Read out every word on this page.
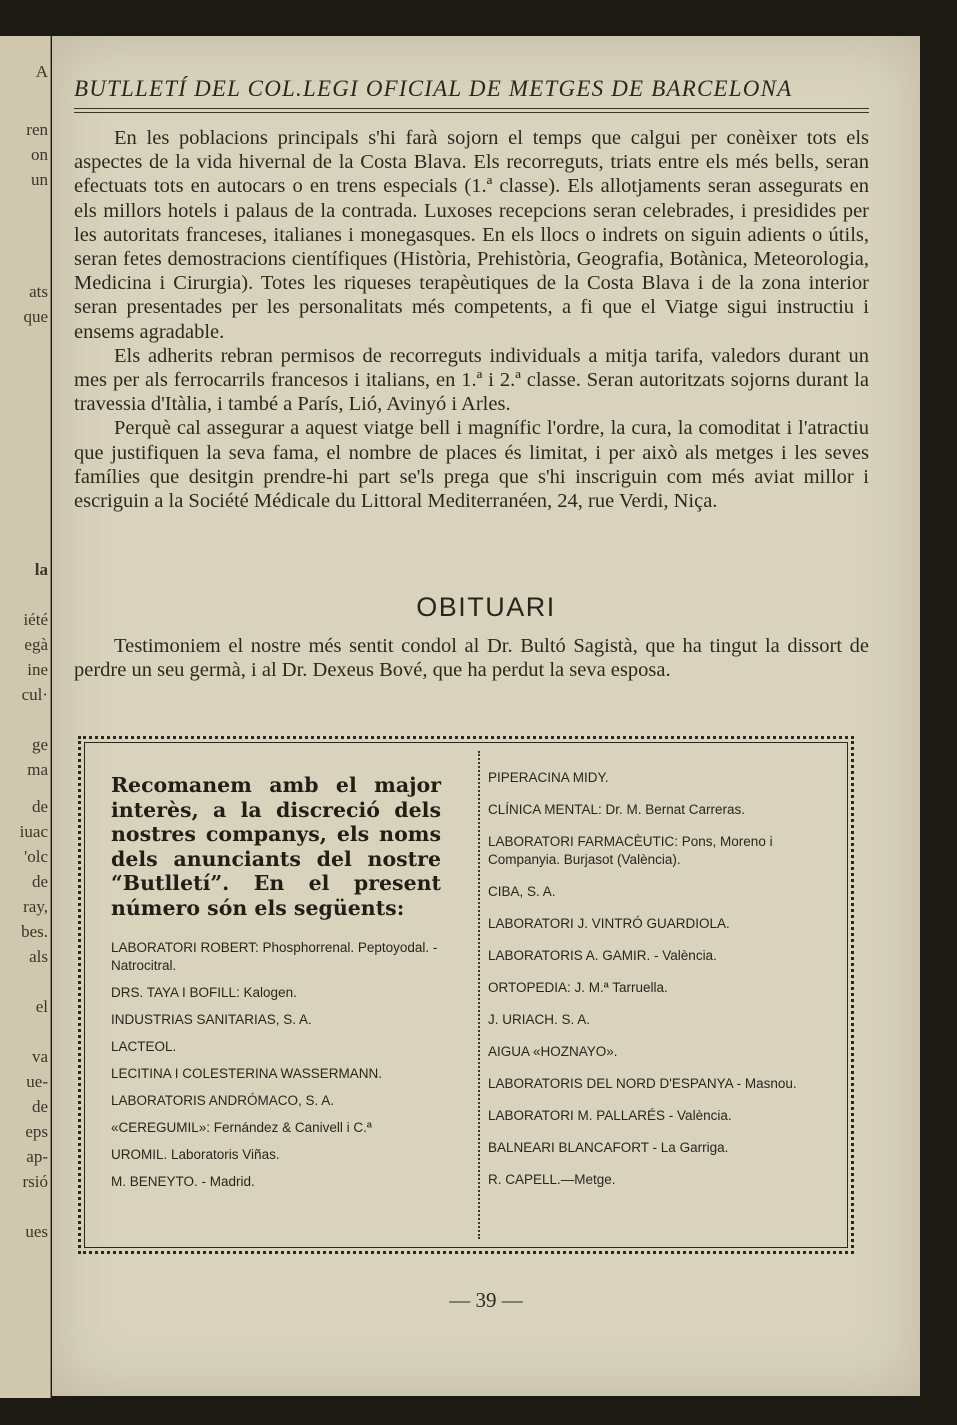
A
ren
on
un
ats
que
la
iété
egà
ine
cul·
ge
ma
de
iuac
'olc
de
ray,
bes.
als
el
va
ue-
de
eps
ap-
rsió
ues
BUTLLETÍ DEL COL.LEGI OFICIAL DE METGES DE BARCELONA

En les poblacions principals s'hi farà sojorn el temps que calgui per conèixer tots els aspectes de la vida hivernal de la Costa Blava. Els recorreguts, triats entre els més bells, seran efectuats tots en autocars o en trens especials (1.ª classe). Els allotjaments seran assegurats en els millors hotels i palaus de la contrada. Luxoses recepcions seran celebrades, i presidides per les autoritats franceses, italianes i monegasques. En els llocs o indrets on siguin adients o útils, seran fetes demostracions científiques (Història, Prehistòria, Geografia, Botànica, Meteorologia, Medicina i Cirurgia). Totes les riqueses terapèutiques de la Costa Blava i de la zona interior seran presentades per les personalitats més competents, a fi que el Viatge sigui instructiu i ensems agradable.

Els adherits rebran permisos de recorreguts individuals a mitja tarifa, valedors durant un mes per als ferrocarrils francesos i italians, en 1.ª i 2.ª classe. Seran autoritzats sojorns durant la travessia d'Itàlia, i també a París, Lió, Avinyó i Arles.

Perquè cal assegurar a aquest viatge bell i magnífic l'ordre, la cura, la comoditat i l'atractiu que justifiquen la seva fama, el nombre de places és limitat, i per això als metges i les seves famílies que desitgin prendre-hi part se'ls prega que s'hi inscriguin com més aviat millor i escriguin a la Société Médicale du Littoral Mediterranéen, 24, rue Verdi, Niça.

OBITUARI

Testimoniem el nostre més sentit condol al Dr. Bultó Sagistà, que ha tingut la dissort de perdre un seu germà, i al Dr. Dexeus Bové, que ha perdut la seva esposa.

Recomanem amb el major interès, a la discreció dels nostres companys, els noms dels anunciants del nostre “Butlletí”. En el present número són els següents:
LABORATORI ROBERT: Phosphorrenal. Peptoyodal. - Natrocitral.
DRS. TAYA I BOFILL: Kalogen.
INDUSTRIAS SANITARIAS, S. A.
LACTEOL.
LECITINA I COLESTERINA WASSERMANN.
LABORATORIS ANDRÓMACO, S. A.
«CEREGUMIL»: Fernández & Canivell i C.ª
UROMIL. Laboratoris Viñas.
M. BENEYTO. - Madrid.
PIPERACINA MIDY.
CLÍNICA MENTAL: Dr. M. Bernat Carreras.
LABORATORI FARMACÈUTIC: Pons, Moreno i Companyia. Burjasot (València).
CIBA, S. A.
LABORATORI J. VINTRÓ GUARDIOLA.
LABORATORIS A. GAMIR. - València.
ORTOPEDIA: J. M.ª Tarruella.
J. URIACH. S. A.
AIGUA «HOZNAYO».
LABORATORIS DEL NORD D'ESPANYA - Masnou.
LABORATORI M. PALLARÉS - València.
BALNEARI BLANCAFORT - La Garriga.
R. CAPELL.—Metge.
— 39 —
